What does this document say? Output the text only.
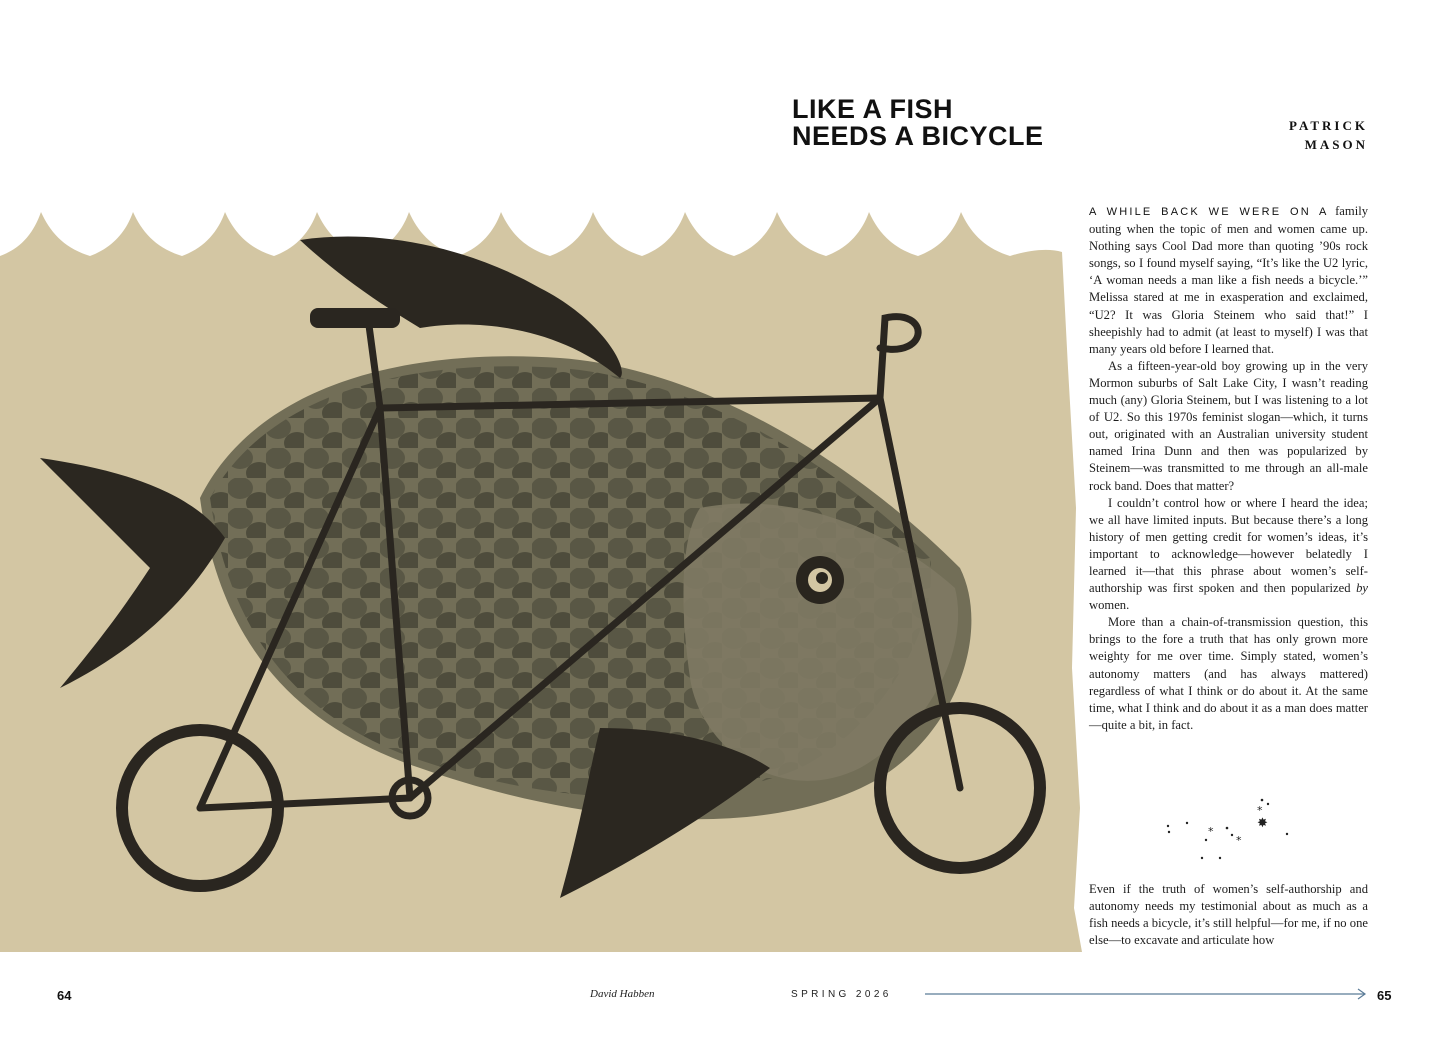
LIKE A FISH
NEEDS A BICYCLE	PATRICK
MASON

A WHILE BACK WE WERE ON A family outing when the topic of men and women came up. Nothing says Cool Dad more than quoting ’90s rock songs, so I found myself saying, “It’s like the U2 lyric, ‘A woman needs a man like a fish needs a bicycle.’” Melissa stared at me in exasperation and exclaimed, “U2? It was Gloria Steinem who said that!” I sheepishly had to admit (at least to myself) I was that many years old before I learned that.

As a fifteen-year-old boy growing up in the very Mormon suburbs of Salt Lake City, I wasn’t reading much (any) Gloria Steinem, but I was listening to a lot of U2. So this 1970s feminist slogan—which, it turns out, originated with an Australian university student named Irina Dunn and then was popularized by Steinem—was transmitted to me through an all-male rock band. Does that matter?

I couldn’t control how or where I heard the idea; we all have limited inputs. But because there’s a long history of men getting credit for women’s ideas, it’s important to acknowledge—however belatedly I learned it—that this phrase about women’s self-authorship was first spoken and then popularized by women.

More than a chain-of-transmission question, this brings to the fore a truth that has only grown more weighty for me over time. Simply stated, women’s autonomy matters (and has always mattered) regardless of what I think or do about it. At the same time, what I think and do about it as a man does matter—quite a bit, in fact.

*
*
*
✸

Even if the truth of women’s self-authorship and autonomy needs my testimonial about as much as a fish needs a bicycle, it’s still helpful—for me, if no one else—to excavate and articulate how

64	David Habben	SPRING 2026	65
